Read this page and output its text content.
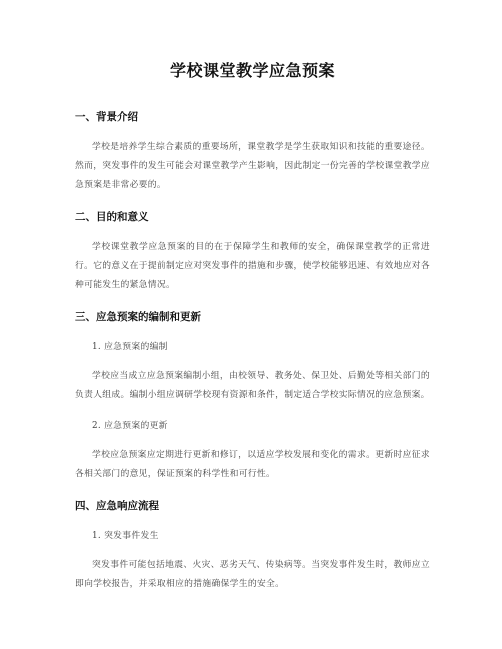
学校课堂教学应急预案
一、背景介绍

学校是培养学生综合素质的重要场所，课堂教学是学生获取知识和技能的重要途径。然而，突发事件的发生可能会对课堂教学产生影响，因此制定一份完善的学校课堂教学应急预案是非常必要的。

二、目的和意义

学校课堂教学应急预案的目的在于保障学生和教师的安全，确保课堂教学的正常进行。它的意义在于提前制定应对突发事件的措施和步骤，使学校能够迅速、有效地应对各种可能发生的紧急情况。

三、应急预案的编制和更新
1. 应急预案的编制

学校应当成立应急预案编制小组，由校领导、教务处、保卫处、后勤处等相关部门的负责人组成。编制小组应调研学校现有资源和条件，制定适合学校实际情况的应急预案。

2. 应急预案的更新

学校应急预案应定期进行更新和修订，以适应学校发展和变化的需求。更新时应征求各相关部门的意见，保证预案的科学性和可行性。

四、应急响应流程
1. 突发事件发生

突发事件可能包括地震、火灾、恶劣天气、传染病等。当突发事件发生时，教师应立即向学校报告，并采取相应的措施确保学生的安全。
